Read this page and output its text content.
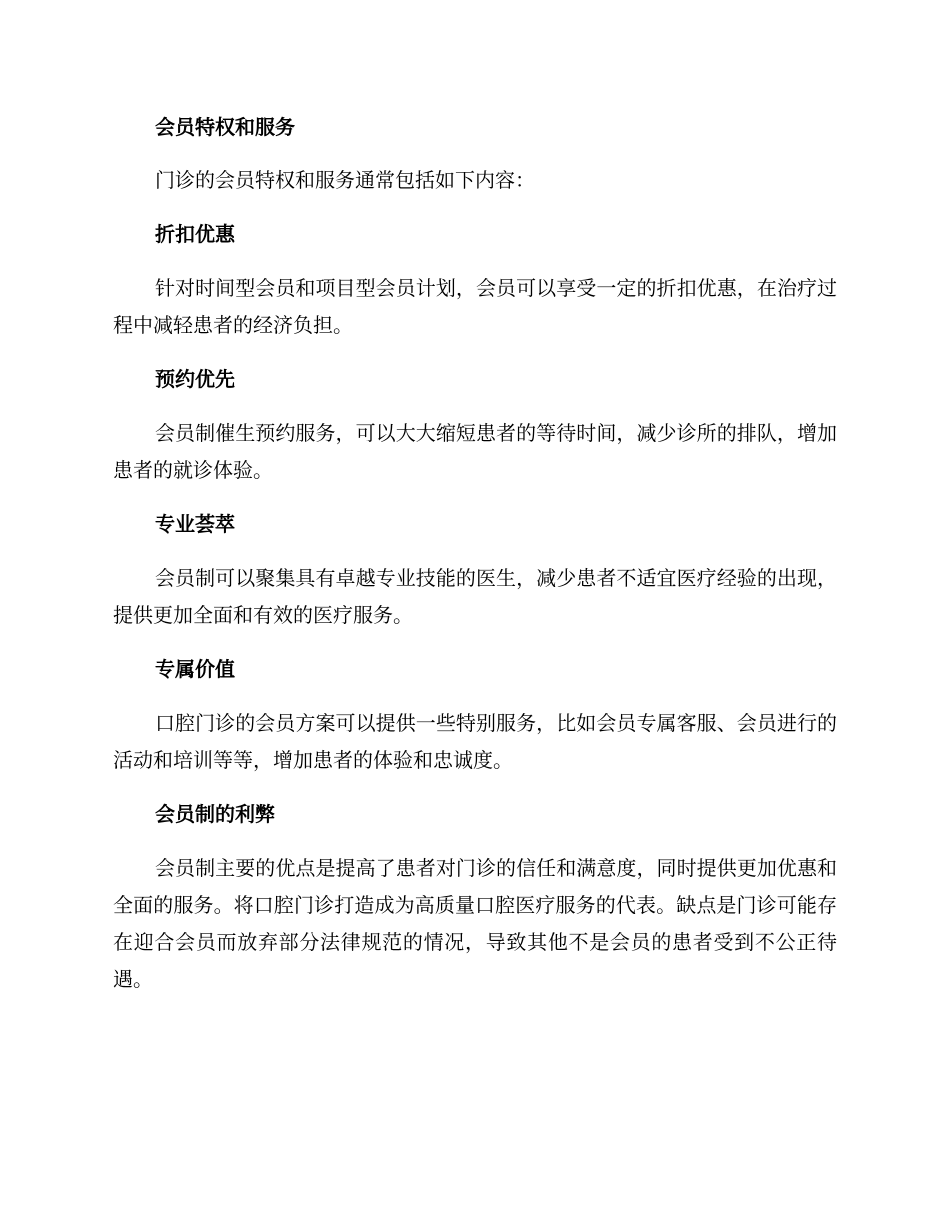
会员特权和服务

门诊的会员特权和服务通常包括如下内容：

折扣优惠

针对时间型会员和项目型会员计划，会员可以享受一定的折扣优惠，在治疗过程中减轻患者的经济负担。

预约优先

会员制催生预约服务，可以大大缩短患者的等待时间，减少诊所的排队，增加患者的就诊体验。

专业荟萃

会员制可以聚集具有卓越专业技能的医生，减少患者不适宜医疗经验的出现，提供更加全面和有效的医疗服务。

专属价值

口腔门诊的会员方案可以提供一些特别服务，比如会员专属客服、会员进行的活动和培训等等，增加患者的体验和忠诚度。

会员制的利弊

会员制主要的优点是提高了患者对门诊的信任和满意度，同时提供更加优惠和全面的服务。将口腔门诊打造成为高质量口腔医疗服务的代表。缺点是门诊可能存在迎合会员而放弃部分法律规范的情况，导致其他不是会员的患者受到不公正待遇。
